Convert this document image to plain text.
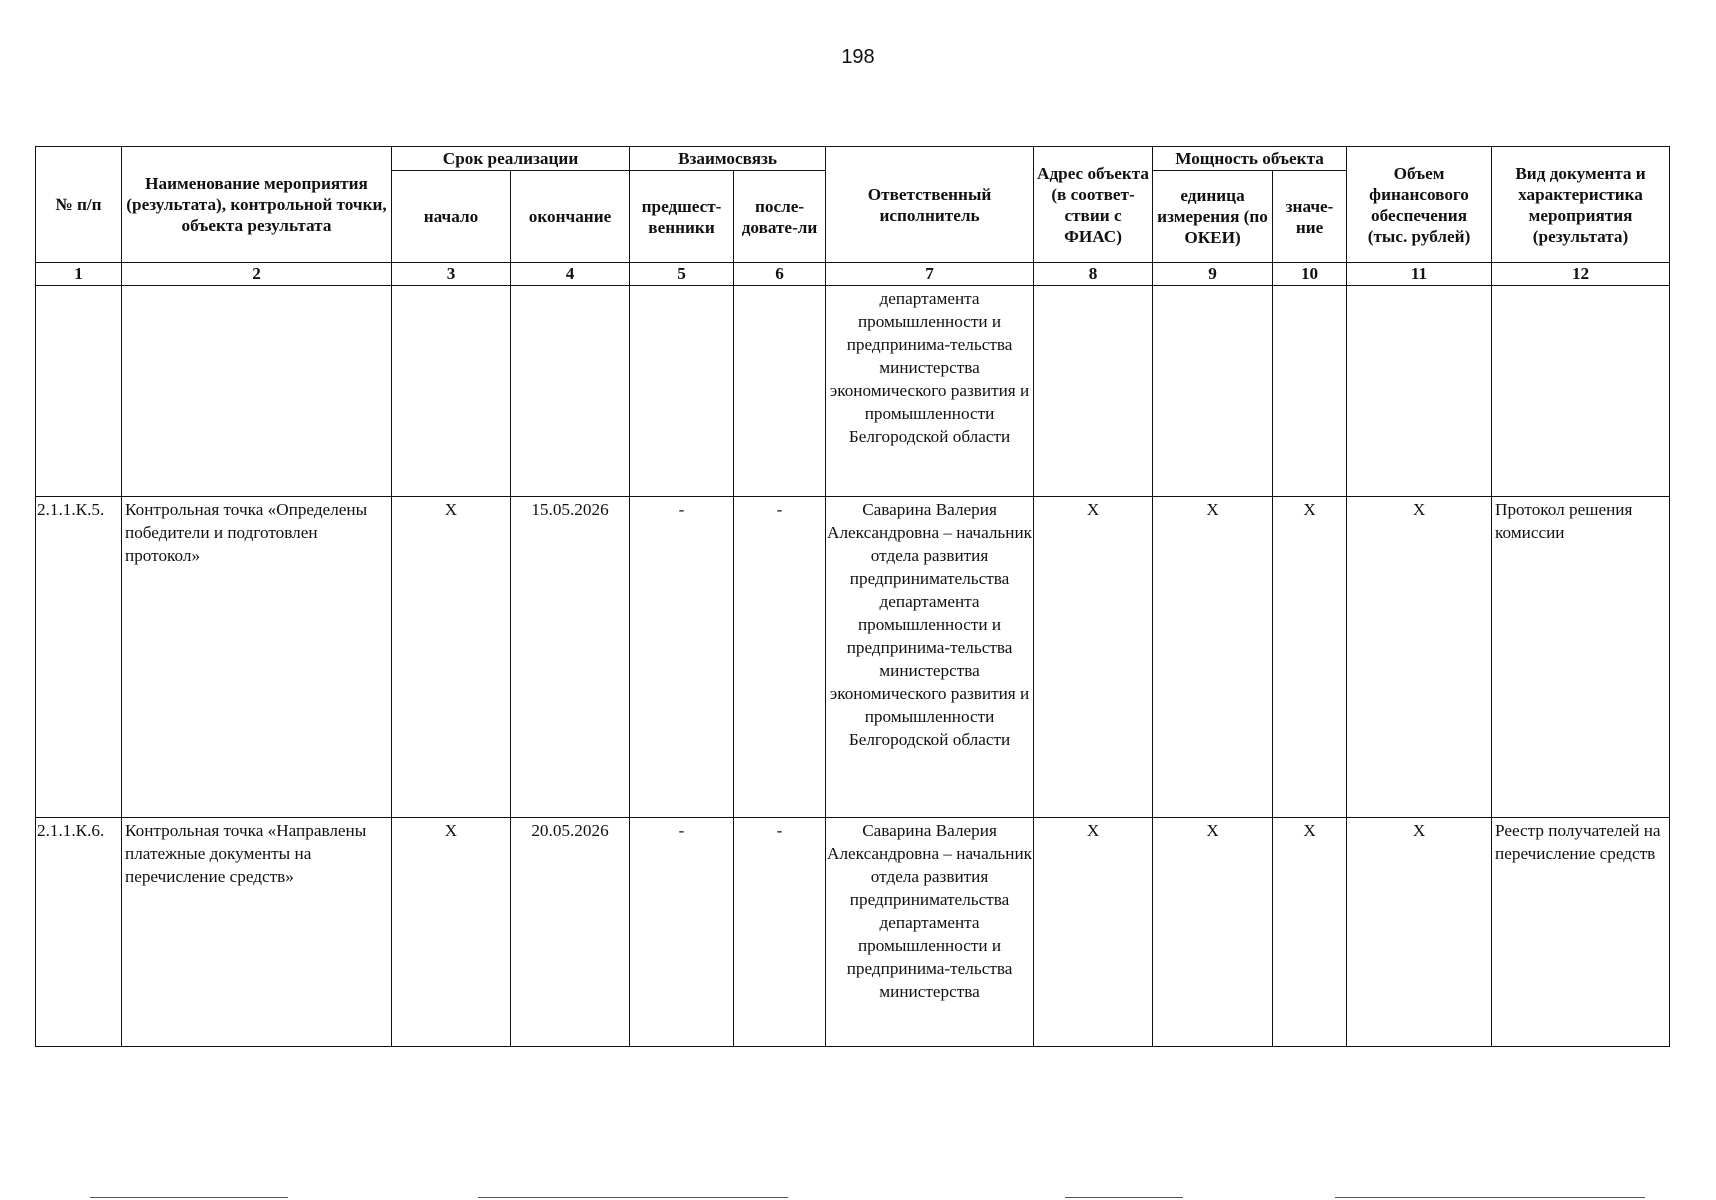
198
№ п/п	Наименование мероприятия (результата), контрольной точки, объекта результата	Срок реализации		Взаимосвязь		Ответственный исполнитель	Адрес объекта (в соответ-ствии с ФИАС)	Мощность объекта		Объем финансового обеспечения (тыс. рублей)	Вид документа и характеристика мероприятия (результата)
		начало	окончание	предшест-венники	после-довате-ли			единица измерения (по ОКЕИ)	значе-ние		
1	2	3	4	5	6	7	8	9	10	11	12
						департамента промышленности и предпринима-тельства министерства экономического развития и промышленности Белгородской области					
2.1.1.К.5.	Контрольная точка «Определены победители и подготовлен протокол»	X	15.05.2026	-	-	Саварина Валерия Александровна – начальник отдела развития предпринимательства департамента промышленности и предпринима-тельства министерства экономического развития и промышленности Белгородской области	X	X	X	X	Протокол решения комиссии
2.1.1.К.6.	Контрольная точка «Направлены платежные документы на перечисление средств»	X	20.05.2026	-	-	Саварина Валерия Александровна – начальник отдела развития предпринимательства департамента промышленности и предпринима-тельства министерства	X	X	X	X	Реестр получателей на перечисление средств
